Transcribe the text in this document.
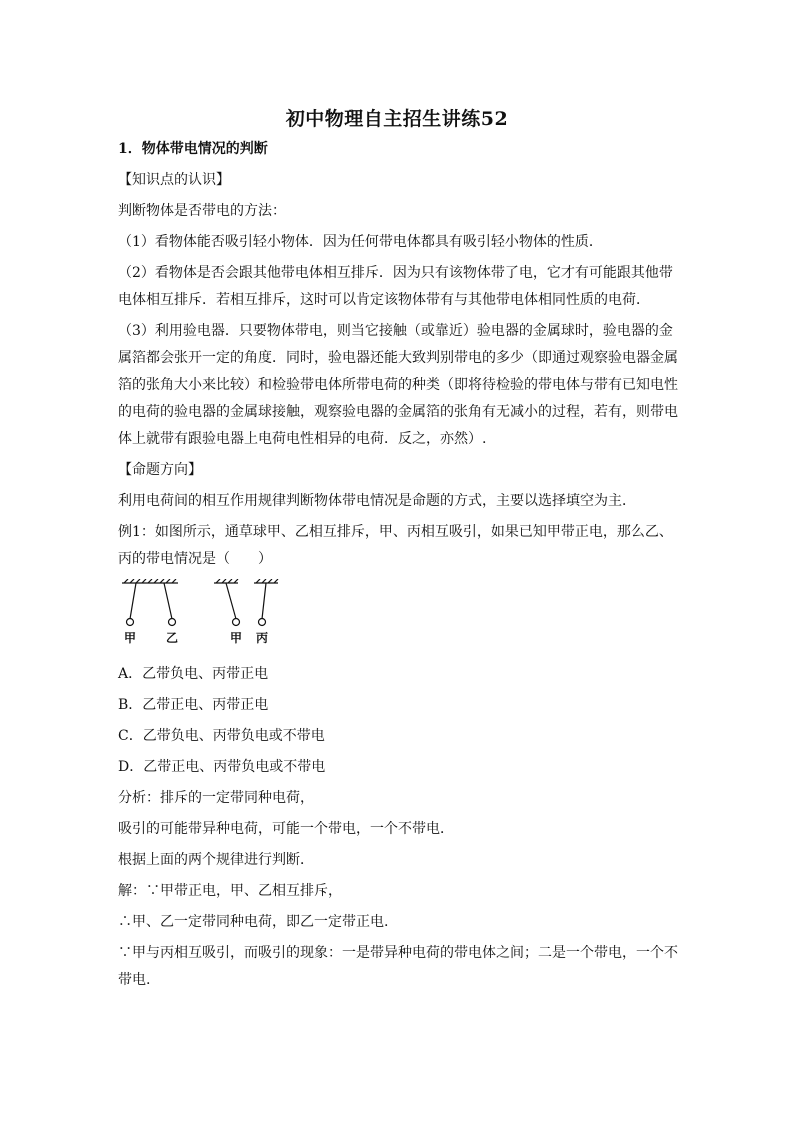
初中物理自主招生讲练52

1．物体带电情况的判断

【知识点的认识】

判断物体是否带电的方法：

（1）看物体能否吸引轻小物体．因为任何带电体都具有吸引轻小物体的性质．

（2）看物体是否会跟其他带电体相互排斥．因为只有该物体带了电，它才有可能跟其他带

电体相互排斥．若相互排斥，这时可以肯定该物体带有与其他带电体相同性质的电荷．

（3）利用验电器．只要物体带电，则当它接触（或靠近）验电器的金属球时，验电器的金

属箔都会张开一定的角度．同时，验电器还能大致判别带电的多少（即通过观察验电器金属

箔的张角大小来比较）和检验带电体所带电荷的种类（即将待检验的带电体与带有已知电性

的电荷的验电器的金属球接触，观察验电器的金属箔的张角有无减小的过程，若有，则带电

体上就带有跟验电器上电荷电性相异的电荷．反之，亦然）.

【命题方向】

利用电荷间的相互作用规律判断物体带电情况是命题的方式，主要以选择填空为主．

例1：如图所示，通草球甲、乙相互排斥，甲、丙相互吸引，如果已知甲带正电，那么乙、

丙的带电情况是（　　）

甲 乙	甲 丙

A．乙带负电、丙带正电

B．乙带正电、丙带正电

C．乙带负电、丙带负电或不带电

D．乙带正电、丙带负电或不带电

分析：排斥的一定带同种电荷，

吸引的可能带异种电荷，可能一个带电，一个不带电．

根据上面的两个规律进行判断．

解：∵甲带正电，甲、乙相互排斥，

∴甲、乙一定带同种电荷，即乙一定带正电.

∵甲与丙相互吸引，而吸引的现象：一是带异种电荷的带电体之间；二是一个带电，一个不

带电.
